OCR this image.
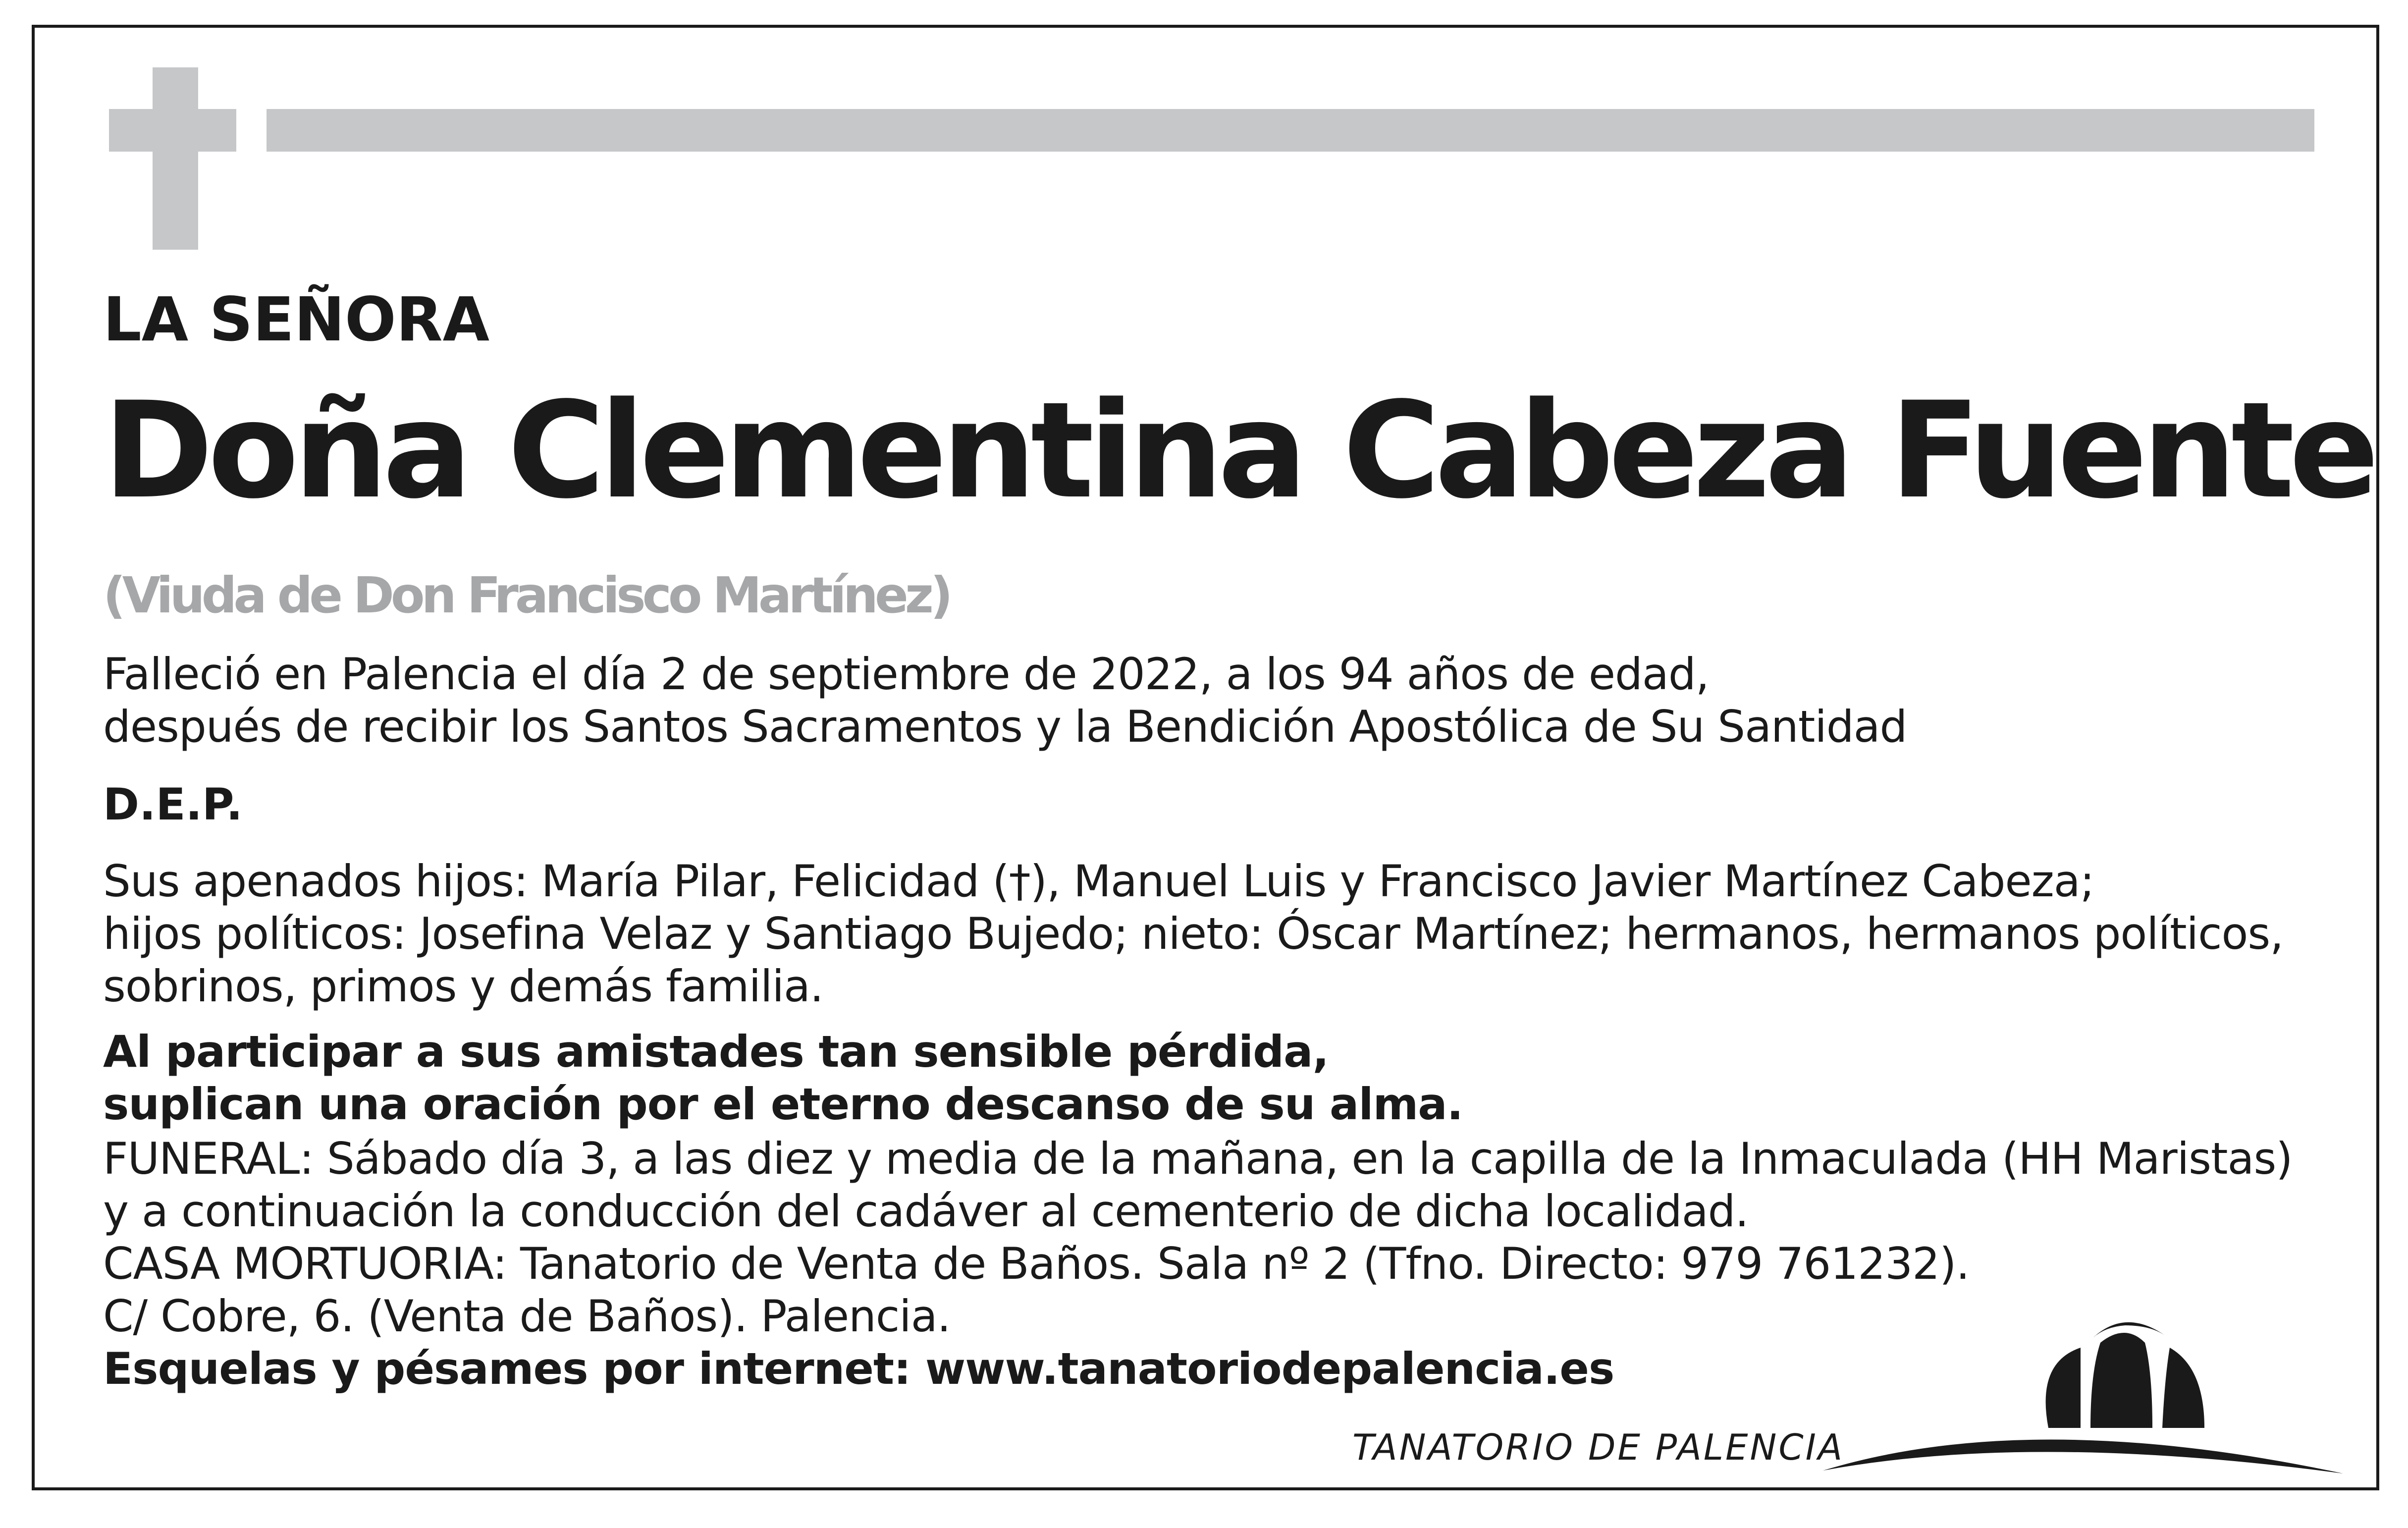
LA SEÑORA

Doña Clementina Cabeza Fuente

(Viuda de Don Francisco Martínez)

Falleció en Palencia el día 2 de septiembre de 2022, a los 94 años de edad,
después de recibir los Santos Sacramentos y la Bendición Apostólica de Su Santidad

D.E.P.

Sus apenados hijos: María Pilar, Felicidad (†), Manuel Luis y Francisco Javier Martínez Cabeza;
hijos políticos: Josefina Velaz y Santiago Bujedo; nieto: Óscar Martínez; hermanos, hermanos políticos,
sobrinos, primos y demás familia.
Al participar a sus amistades tan sensible pérdida,
suplican una oración por el eterno descanso de su alma.
FUNERAL: Sábado día 3, a las diez y media de la mañana, en la capilla de la Inmaculada (HH Maristas)
y a continuación la conducción del cadáver al cementerio de dicha localidad.
CASA MORTUORIA: Tanatorio de Venta de Baños. Sala nº 2 (Tfno. Directo: 979 761232).
C/ Cobre, 6. (Venta de Baños). Palencia.

Esquelas y pésames por internet: www.tanatoriodepalencia.es

TANATORIO DE PALENCIA
